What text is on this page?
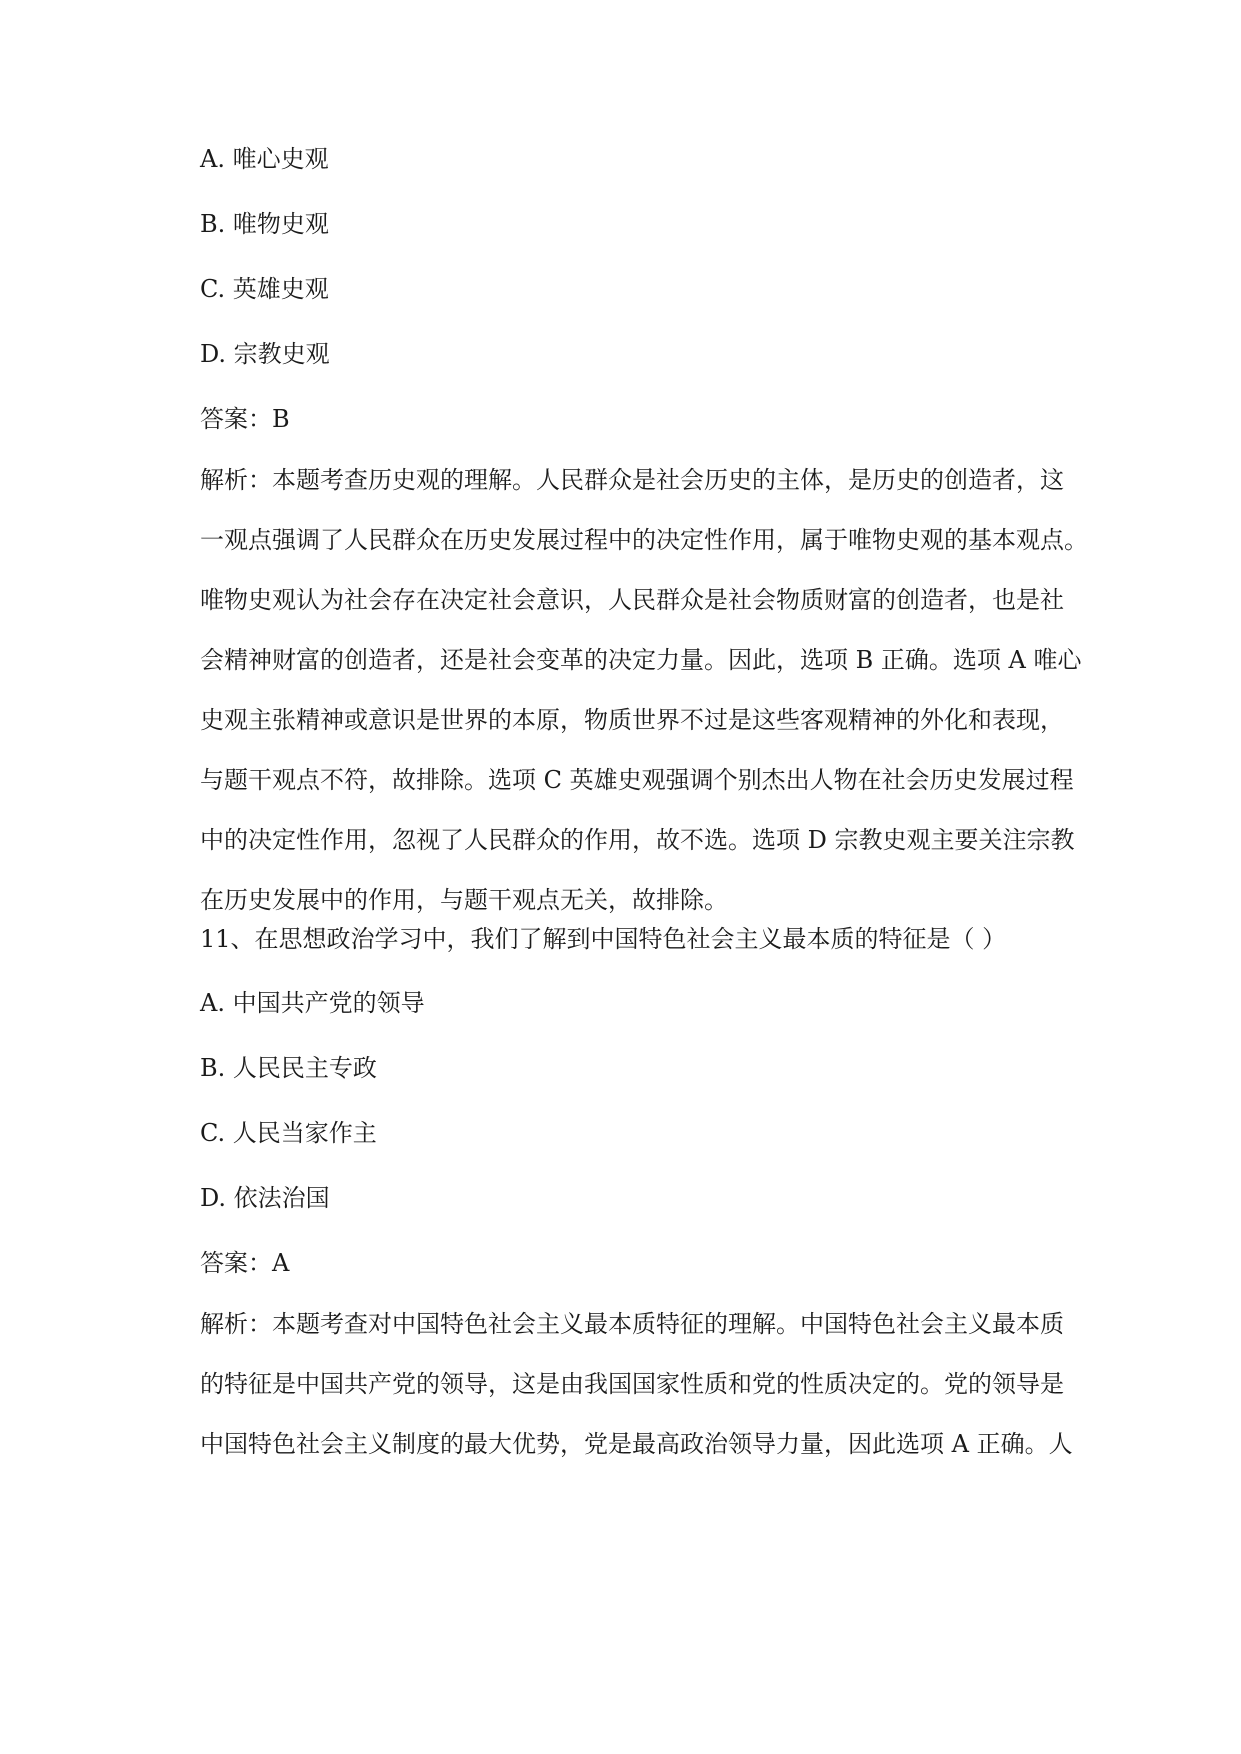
A. 唯心史观

B. 唯物史观

C. 英雄史观

D. 宗教史观

答案：B

解析：本题考查历史观的理解。人民群众是社会历史的主体，是历史的创造者，这
一观点强调了人民群众在历史发展过程中的决定性作用，属于唯物史观的基本观点。
唯物史观认为社会存在决定社会意识，人民群众是社会物质财富的创造者，也是社
会精神财富的创造者，还是社会变革的决定力量。因此，选项 B 正确。选项 A 唯心
史观主张精神或意识是世界的本原，物质世界不过是这些客观精神的外化和表现，
与题干观点不符，故排除。选项 C 英雄史观强调个别杰出人物在社会历史发展过程
中的决定性作用，忽视了人民群众的作用，故不选。选项 D 宗教史观主要关注宗教
在历史发展中的作用，与题干观点无关，故排除。

11、在思想政治学习中，我们了解到中国特色社会主义最本质的特征是（ ）

A. 中国共产党的领导

B. 人民民主专政

C. 人民当家作主

D. 依法治国

答案：A

解析：本题考查对中国特色社会主义最本质特征的理解。中国特色社会主义最本质
的特征是中国共产党的领导，这是由我国国家性质和党的性质决定的。党的领导是
中国特色社会主义制度的最大优势，党是最高政治领导力量，因此选项 A 正确。人
